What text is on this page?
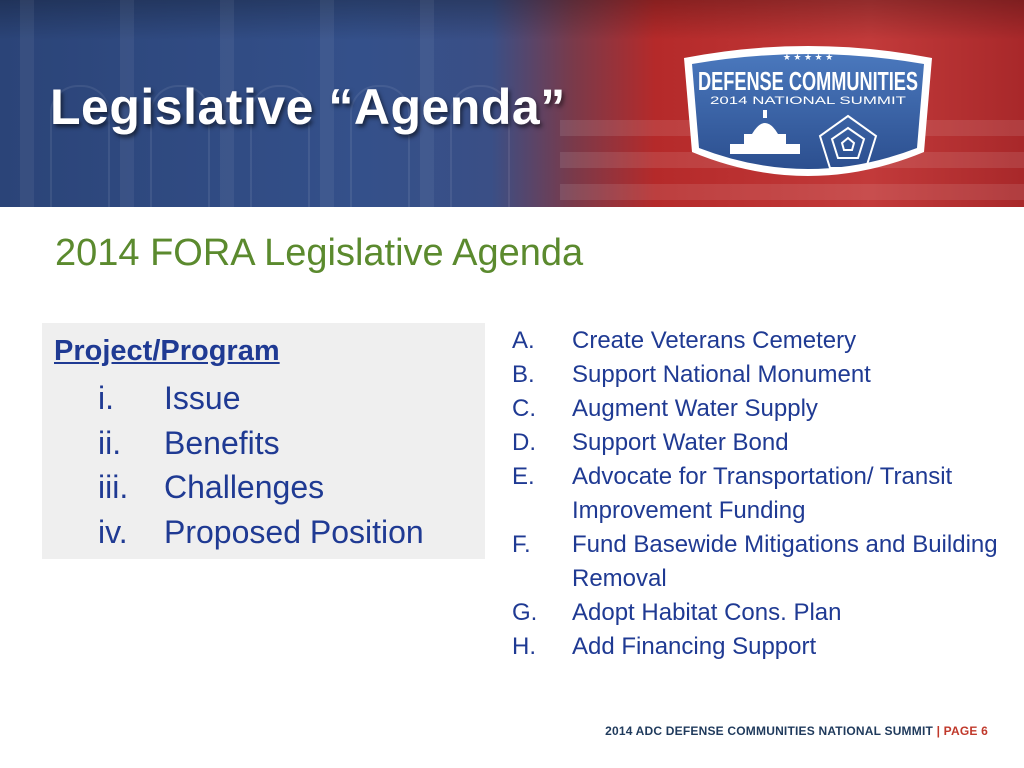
Legislative “Agenda”
★ ★ ★ ★ ★
DEFENSE COMMUNITIES
2014 NATIONAL SUMMIT
2014 FORA Legislative Agenda
Project/Program
i. Issue
ii. Benefits
iii. Challenges
iv. Proposed Position
A. Create Veterans Cemetery
B. Support National Monument
C. Augment Water Supply
D. Support Water Bond
E. Advocate for Transportation/ Transit Improvement Funding
F. Fund Basewide Mitigations and Building Removal
G. Adopt Habitat Cons. Plan
H. Add Financing Support
2014 ADC DEFENSE COMMUNITIES NATIONAL SUMMIT | PAGE 6
